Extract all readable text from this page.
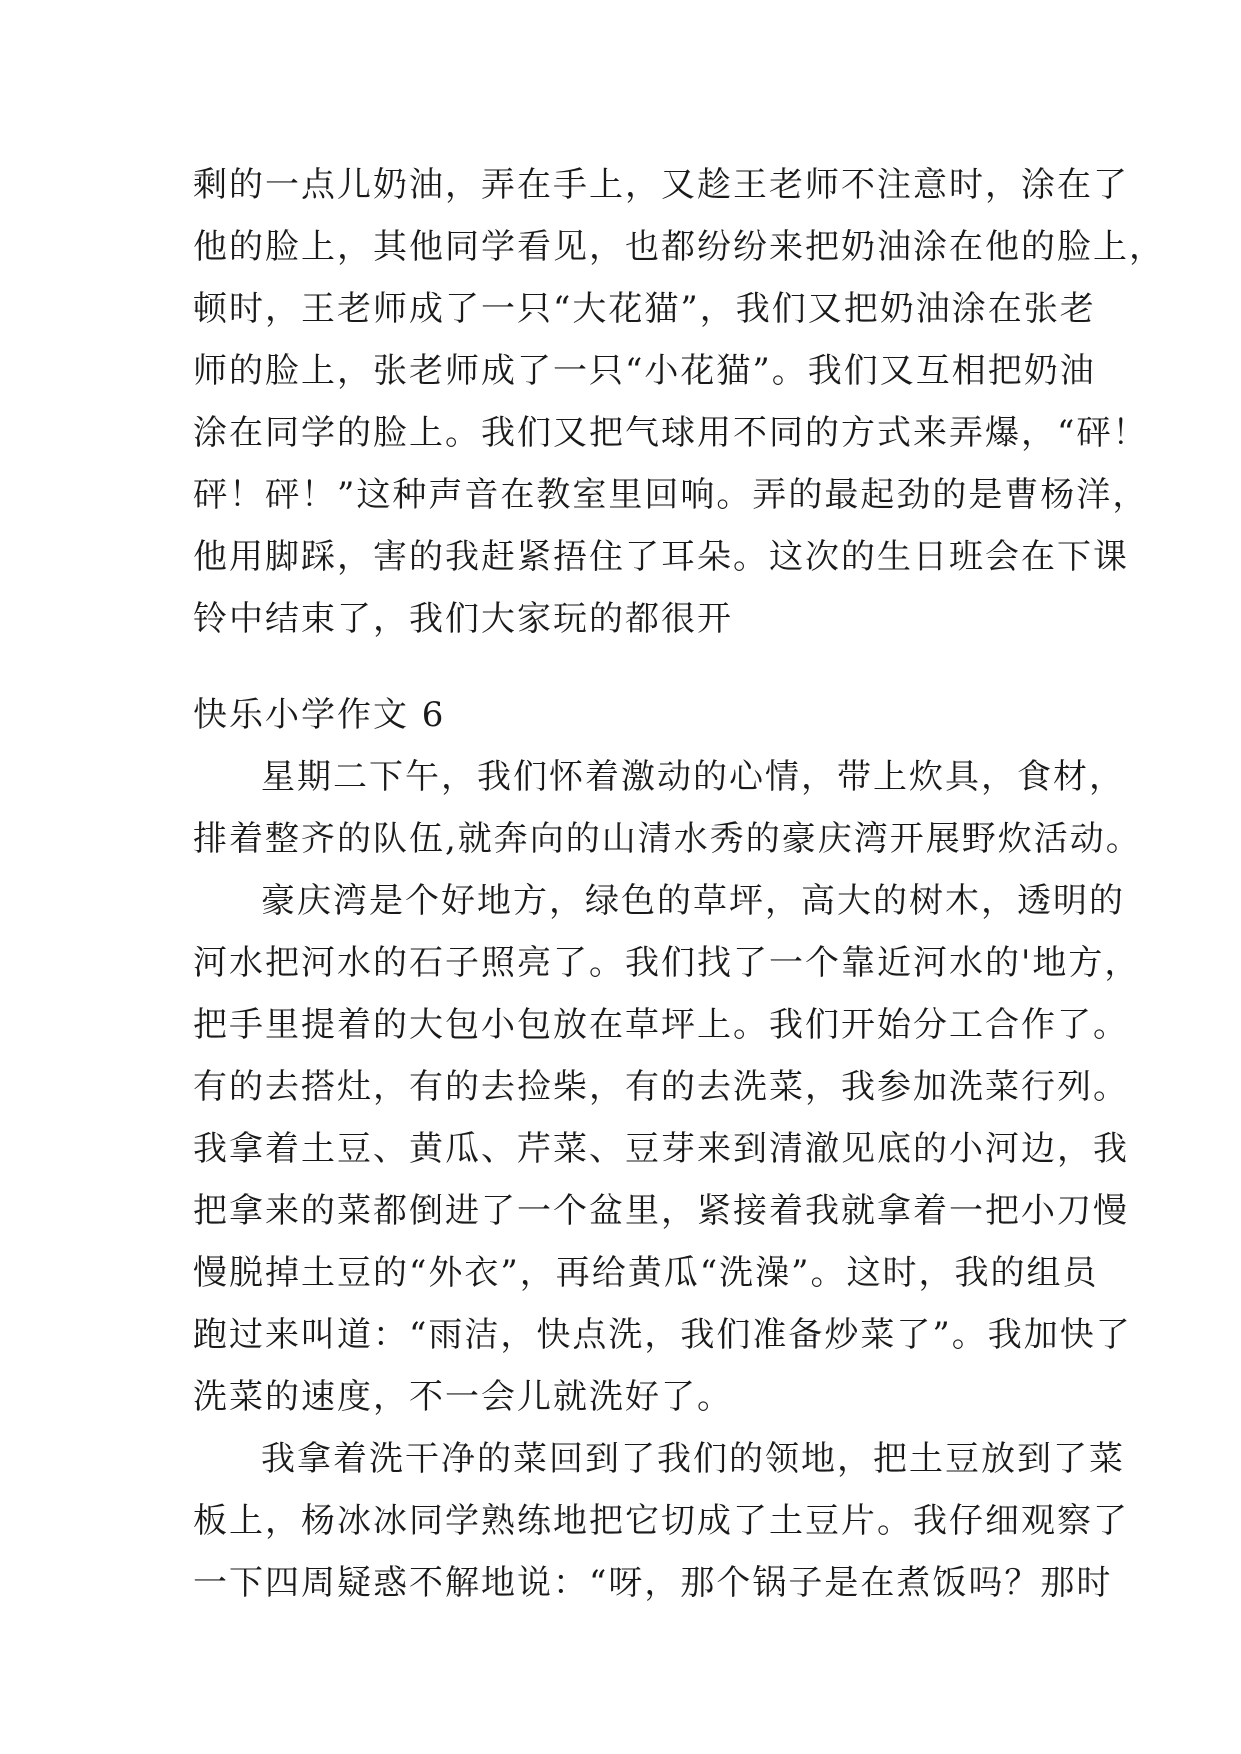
剩的一点儿奶油，弄在手上，又趁王老师不注意时，涂在了
他的脸上，其他同学看见，也都纷纷来把奶油涂在他的脸上，
顿时，王老师成了一只“大花猫”，我们又把奶油涂在张老
师的脸上，张老师成了一只“小花猫”。我们又互相把奶油
涂在同学的脸上。我们又把气球用不同的方式来弄爆，“砰！
砰！砰！”这种声音在教室里回响。弄的最起劲的是曹杨洋，
他用脚踩，害的我赶紧捂住了耳朵。这次的生日班会在下课
铃中结束了，我们大家玩的都很开
快乐小学作文 6
星期二下午，我们怀着激动的心情，带上炊具，食材，
排着整齐的队伍,就奔向的山清水秀的豪庆湾开展野炊活动。
豪庆湾是个好地方，绿色的草坪，高大的树木，透明的
河水把河水的石子照亮了。我们找了一个靠近河水的'地方，
把手里提着的大包小包放在草坪上。我们开始分工合作了。
有的去搭灶，有的去捡柴，有的去洗菜，我参加洗菜行列。
我拿着土豆、黄瓜、芹菜、豆芽来到清澈见底的小河边，我
把拿来的菜都倒进了一个盆里，紧接着我就拿着一把小刀慢
慢脱掉土豆的“外衣”，再给黄瓜“洗澡”。这时，我的组员
跑过来叫道：“雨洁，快点洗，我们准备炒菜了”。我加快了
洗菜的速度，不一会儿就洗好了。
我拿着洗干净的菜回到了我们的领地，把土豆放到了菜
板上，杨冰冰同学熟练地把它切成了土豆片。我仔细观察了
一下四周疑惑不解地说：“呀，那个锅子是在煮饭吗？那时
